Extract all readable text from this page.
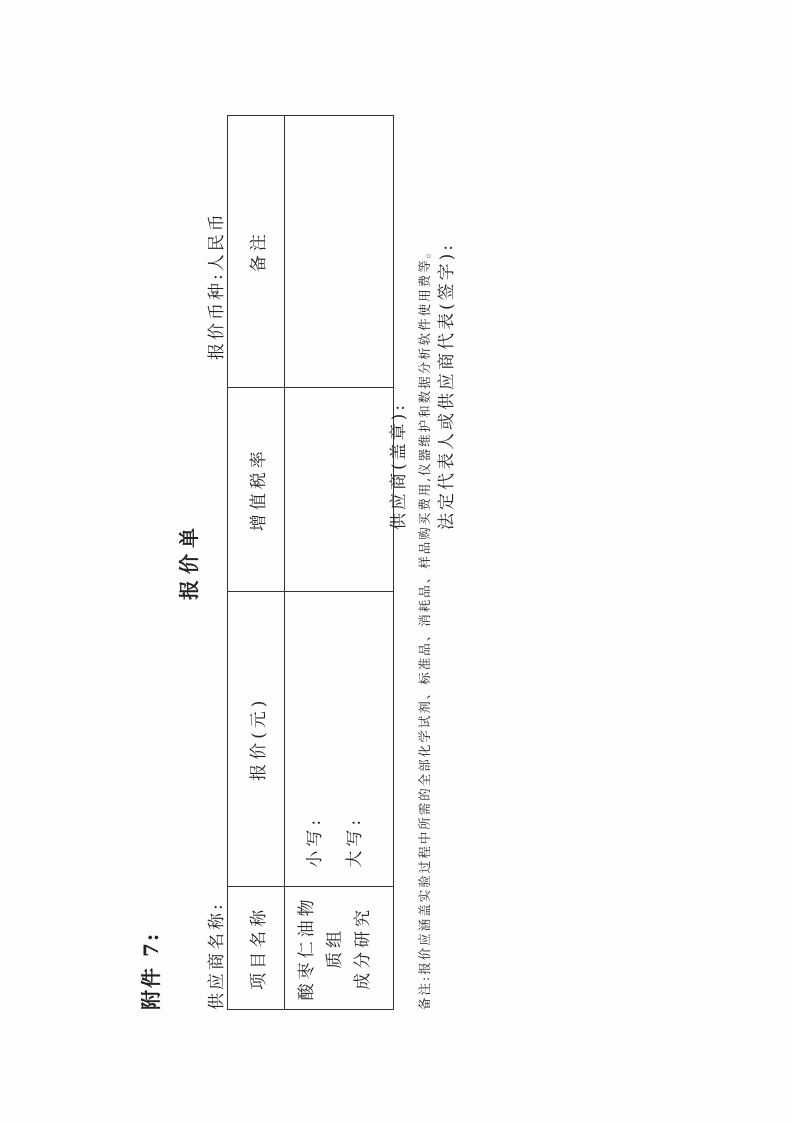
附件 7:
报价单
供应商名称:
报价币种:人民币
项目名称	报价(元)	增值税率	备注

酸枣仁油物质组 成分研究	小写: 大写:		

供应商(盖章):	法定代表人或供应商代表(签字):
备注:报价应涵盖实验过程中所需的全部化学试剂、标准品、消耗品、样品购买费用,仪器维护和数据分析软件使用费等。
